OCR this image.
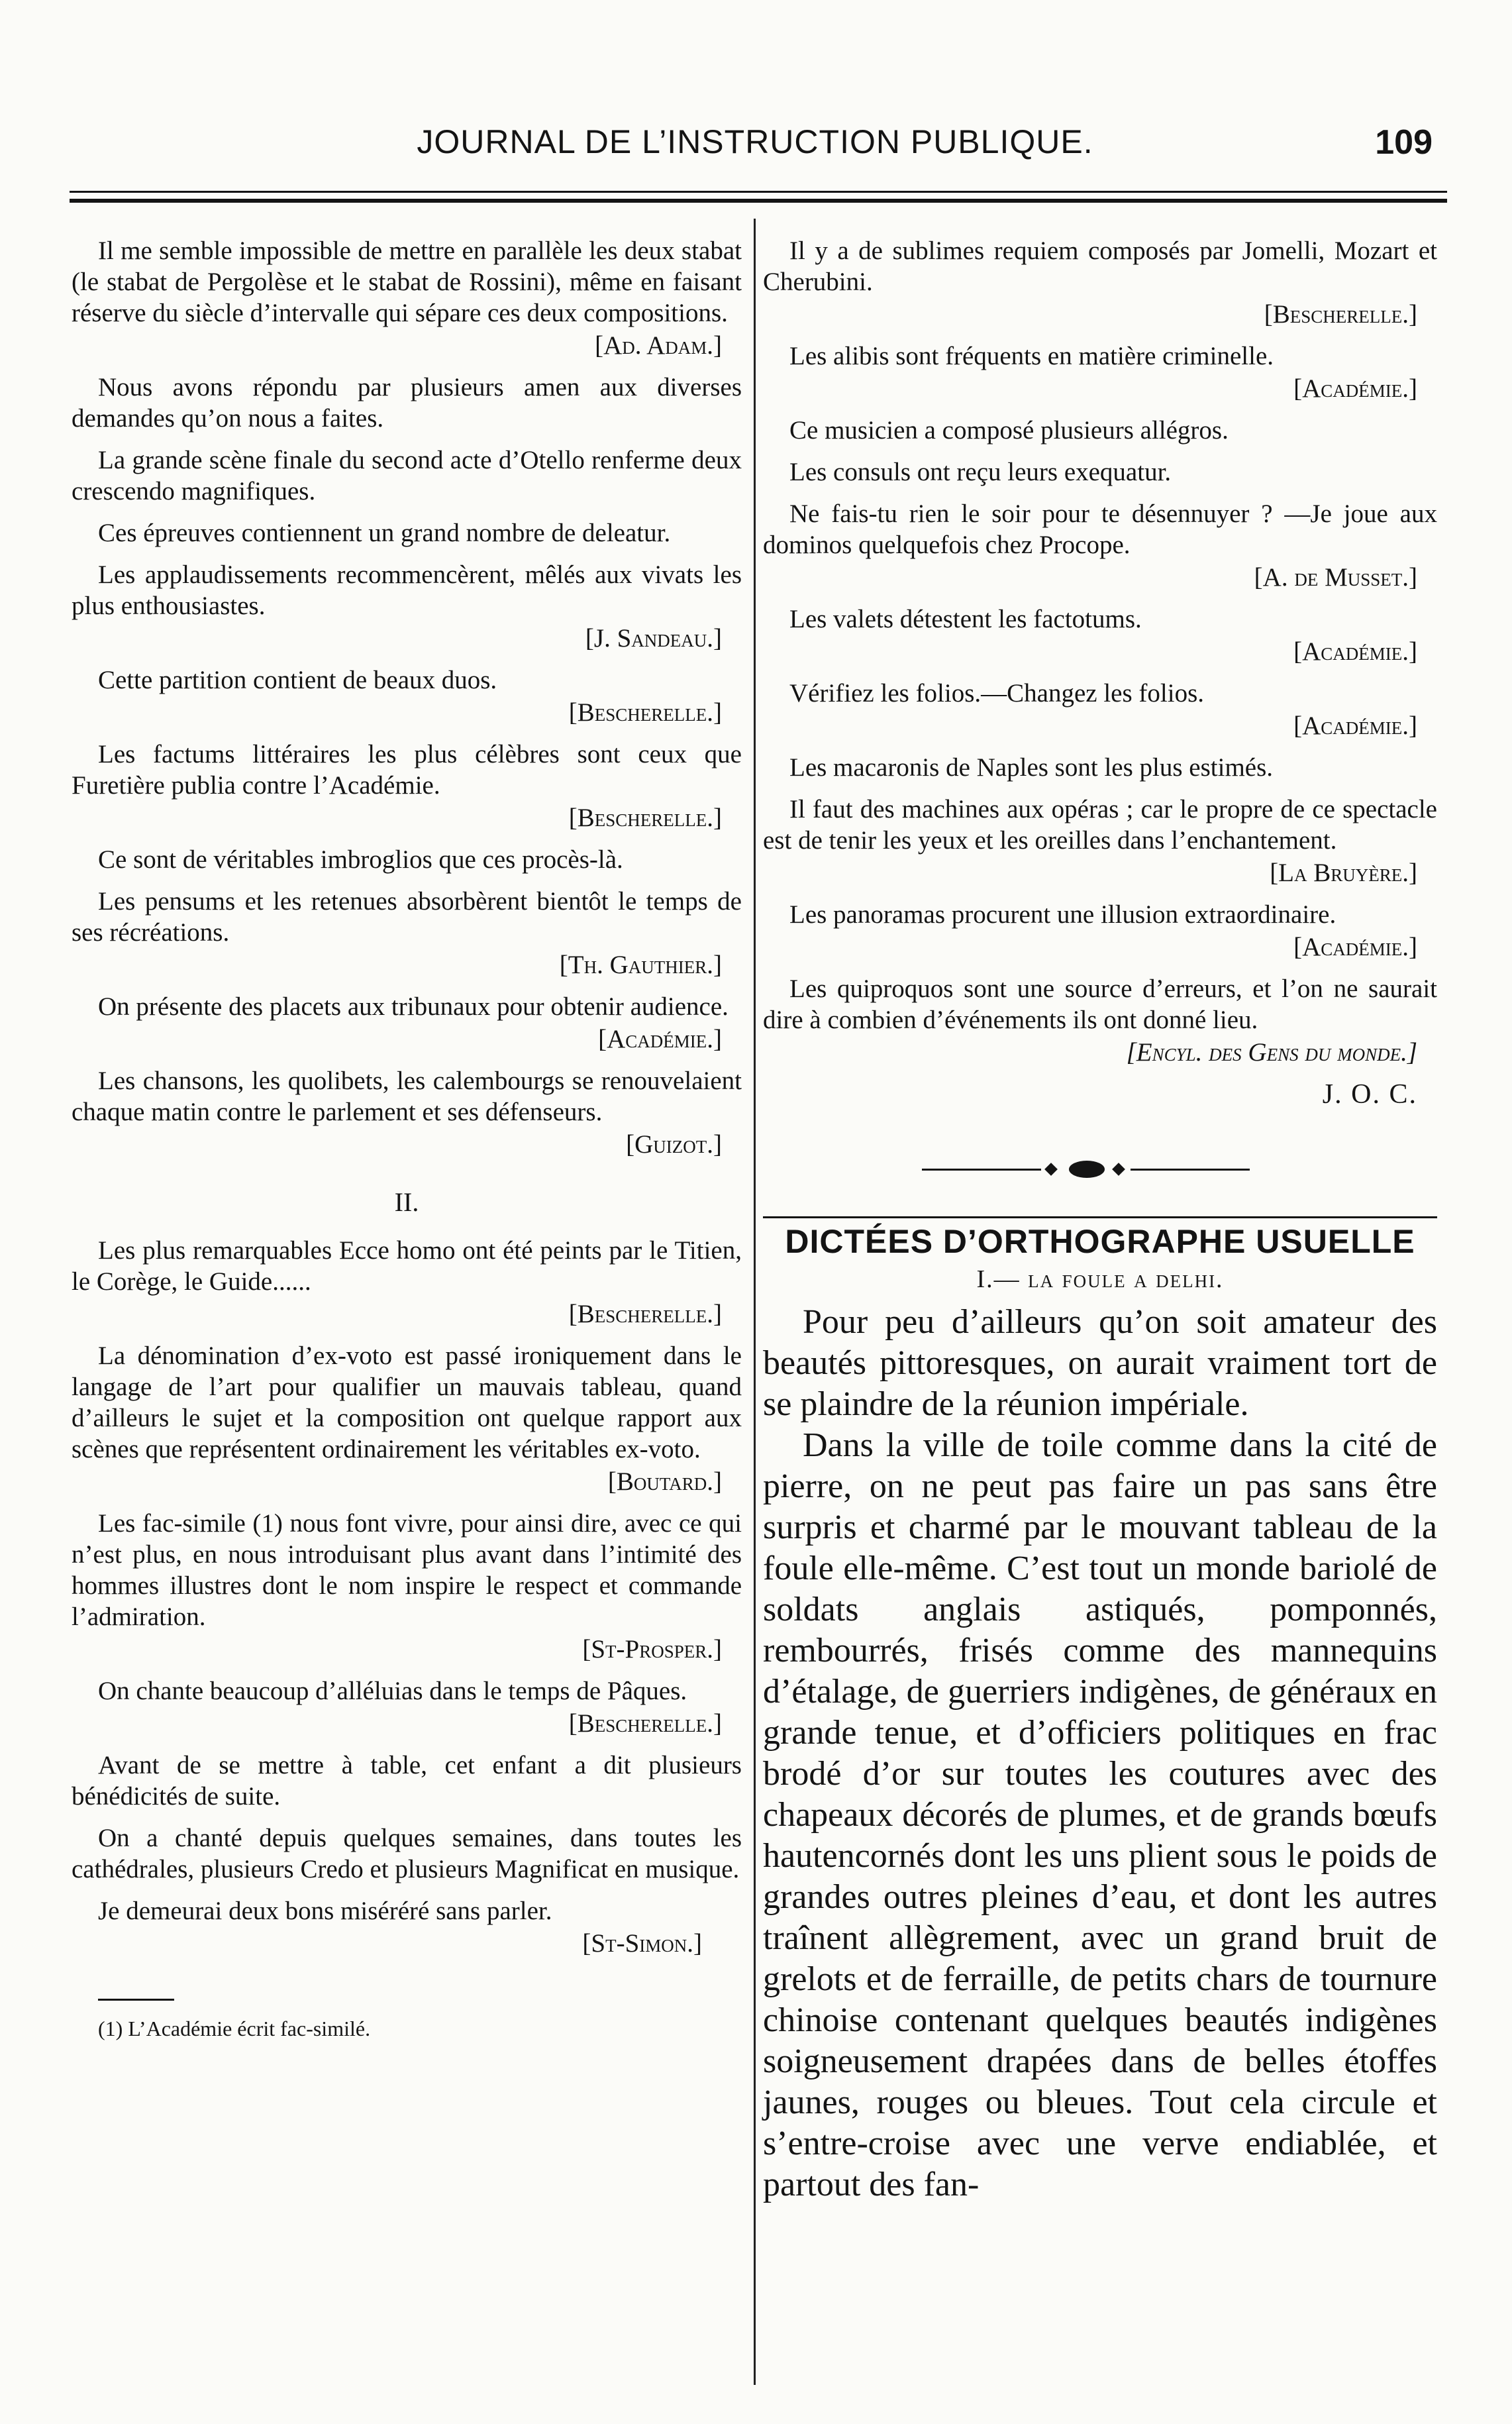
JOURNAL DE L’INSTRUCTION PUBLIQUE.	109

Il me semble impossible de mettre en parallèle les deux stabat (le stabat de Pergolèse et le stabat de Rossini), même en faisant réserve du siècle d’intervalle qui sépare ces deux compositions.

[Ad. Adam.]

Nous avons répondu par plusieurs amen aux diverses demandes qu’on nous a faites.

La grande scène finale du second acte d’Otello renferme deux crescendo magnifiques.

Ces épreuves contiennent un grand nombre de deleatur.

Les applaudissements recommencèrent, mêlés aux vivats les plus enthousiastes.

[J. Sandeau.]

Cette partition contient de beaux duos.

[Bescherelle.]

Les factums littéraires les plus célèbres sont ceux que Furetière publia contre l’Académie.

[Bescherelle.]

Ce sont de véritables imbroglios que ces procès-là.

Les pensums et les retenues absorbèrent bientôt le temps de ses récréations.

[Th. Gauthier.]

On présente des placets aux tribunaux pour obtenir audience.

[Académie.]

Les chansons, les quolibets, les calembourgs se renouvelaient chaque matin contre le parlement et ses défenseurs.

[Guizot.]

II.

Les plus remarquables Ecce homo ont été peints par le Titien, le Corège, le Guide......

[Bescherelle.]

La dénomination d’ex-voto est passé ironiquement dans le langage de l’art pour qualifier un mauvais tableau, quand d’ailleurs le sujet et la composition ont quelque rapport aux scènes que représentent ordinairement les véritables ex-voto.

[Boutard.]

Les fac-simile (1) nous font vivre, pour ainsi dire, avec ce qui n’est plus, en nous introduisant plus avant dans l’intimité des hommes illustres dont le nom inspire le respect et commande l’admiration.

[St-Prosper.]

On chante beaucoup d’alléluias dans le temps de Pâques.

[Bescherelle.]

Avant de se mettre à table, cet enfant a dit plusieurs bénédicités de suite.

On a chanté depuis quelques semaines, dans toutes les cathédrales, plusieurs Credo et plusieurs Magnificat en musique.

Je demeurai deux bons miséréré sans parler.

[St-Simon.]

(1) L’Académie écrit fac-similé.

Il y a de sublimes requiem composés par Jomelli, Mozart et Cherubini.

[Bescherelle.]

Les alibis sont fréquents en matière criminelle.

[Académie.]

Ce musicien a composé plusieurs allégros.

Les consuls ont reçu leurs exequatur.

Ne fais-tu rien le soir pour te désennuyer ? —Je joue aux dominos quelquefois chez Procope.

[A. de Musset.]

Les valets détestent les factotums.

[Académie.]

Vérifiez les folios.—Changez les folios.

[Académie.]

Les macaronis de Naples sont les plus estimés.

Il faut des machines aux opéras ; car le propre de ce spectacle est de tenir les yeux et les oreilles dans l’enchantement.

[La Bruyère.]

Les panoramas procurent une illusion extraordinaire.

[Académie.]

Les quiproquos sont une source d’erreurs, et l’on ne saurait dire à combien d’événements ils ont donné lieu.

[Encyl. des Gens du monde.]

J. O. C.
DICTÉES D’ORTHOGRAPHE USUELLE
I.— la foule a delhi.

Pour peu d’ailleurs qu’on soit amateur des beautés pittoresques, on aurait vraiment tort de se plaindre de la réunion impériale.

Dans la ville de toile comme dans la cité de pierre, on ne peut pas faire un pas sans être surpris et charmé par le mouvant tableau de la foule elle-même. C’est tout un monde bariolé de soldats anglais astiqués, pomponnés, rembourrés, frisés comme des mannequins d’étalage, de guerriers indigènes, de généraux en grande tenue, et d’officiers politiques en frac brodé d’or sur toutes les coutures avec des chapeaux décorés de plumes, et de grands bœufs hautencornés dont les uns plient sous le poids de grandes outres pleines d’eau, et dont les autres traînent allègrement, avec un grand bruit de grelots et de ferraille, de petits chars de tournure chinoise contenant quelques beautés indigènes soigneusement drapées dans de belles étoffes jaunes, rouges ou bleues. Tout cela circule et s’entre-croise avec une verve endiablée, et partout des fan-
